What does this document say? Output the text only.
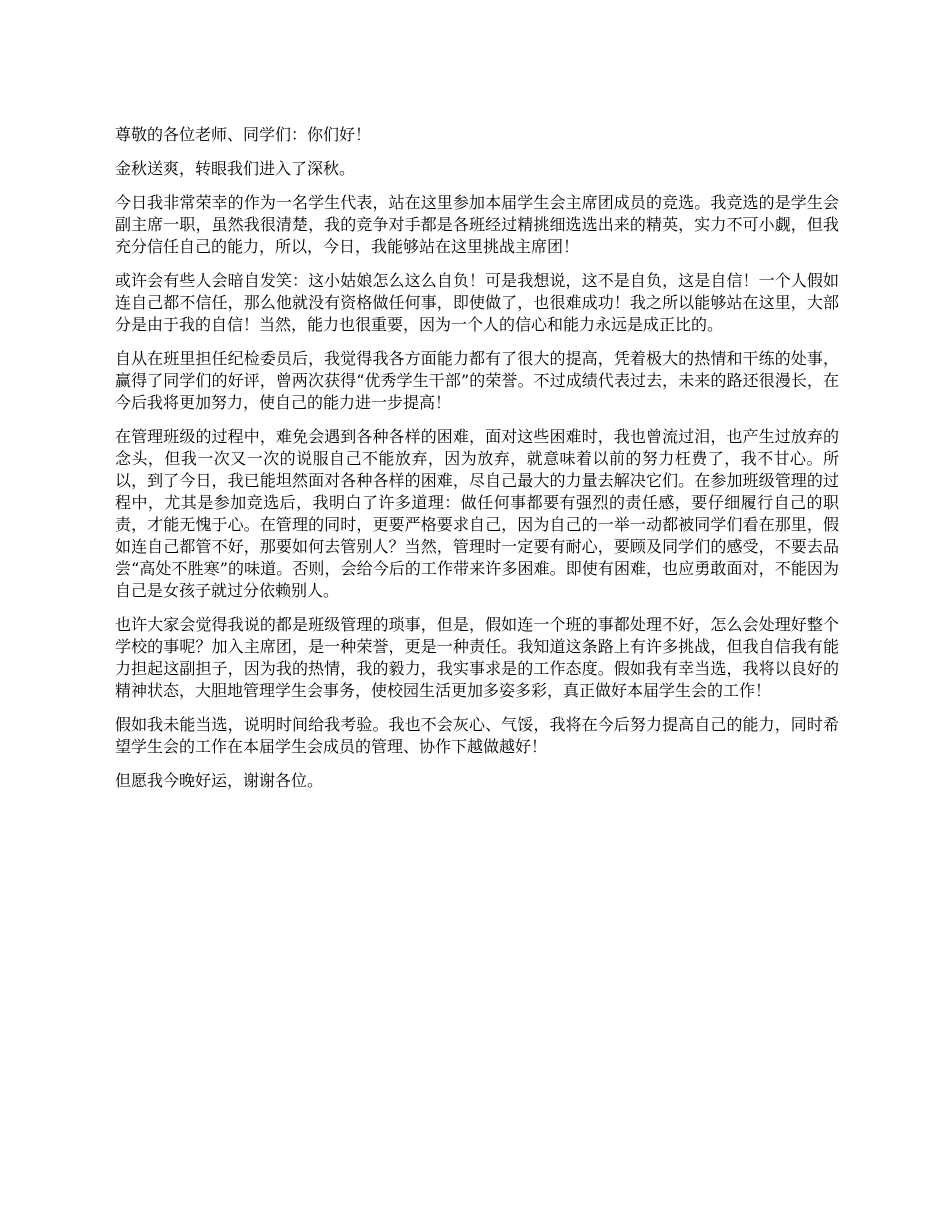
尊敬的各位老师、同学们：你们好！

金秋送爽，转眼我们进入了深秋。

今日我非常荣幸的作为一名学生代表，站在这里参加本届学生会主席团成员的竞选。我竞选的是学生会副主席一职，虽然我很清楚，我的竞争对手都是各班经过精挑细选选出来的精英，实力不可小觑，但我充分信任自己的能力，所以，今日，我能够站在这里挑战主席团！

或许会有些人会暗自发笑：这小姑娘怎么这么自负！可是我想说，这不是自负，这是自信！一个人假如连自己都不信任，那么他就没有资格做任何事，即使做了，也很难成功！我之所以能够站在这里，大部分是由于我的自信！当然，能力也很重要，因为一个人的信心和能力永远是成正比的。

自从在班里担任纪检委员后，我觉得我各方面能力都有了很大的提高，凭着极大的热情和干练的处事，赢得了同学们的好评，曾两次获得“优秀学生干部”的荣誉。不过成绩代表过去，未来的路还很漫长，在今后我将更加努力，使自己的能力进一步提高！

在管理班级的过程中，难免会遇到各种各样的困难，面对这些困难时，我也曾流过泪，也产生过放弃的念头，但我一次又一次的说服自己不能放弃，因为放弃，就意味着以前的努力枉费了，我不甘心。所以，到了今日，我已能坦然面对各种各样的困难，尽自己最大的力量去解决它们。在参加班级管理的过程中，尤其是参加竞选后，我明白了许多道理：做任何事都要有强烈的责任感，要仔细履行自己的职责，才能无愧于心。在管理的同时，更要严格要求自己，因为自己的一举一动都被同学们看在那里，假如连自己都管不好，那要如何去管别人？当然，管理时一定要有耐心，要顾及同学们的感受，不要去品尝“高处不胜寒”的味道。否则，会给今后的工作带来许多困难。即使有困难，也应勇敢面对，不能因为自己是女孩子就过分依赖别人。

也许大家会觉得我说的都是班级管理的琐事，但是，假如连一个班的事都处理不好，怎么会处理好整个学校的事呢？加入主席团，是一种荣誉，更是一种责任。我知道这条路上有许多挑战，但我自信我有能力担起这副担子，因为我的热情，我的毅力，我实事求是的工作态度。假如我有幸当选，我将以良好的精神状态，大胆地管理学生会事务，使校园生活更加多姿多彩，真正做好本届学生会的工作！

假如我未能当选，说明时间给我考验。我也不会灰心、气馁，我将在今后努力提高自己的能力，同时希望学生会的工作在本届学生会成员的管理、协作下越做越好！

但愿我今晚好运，谢谢各位。
